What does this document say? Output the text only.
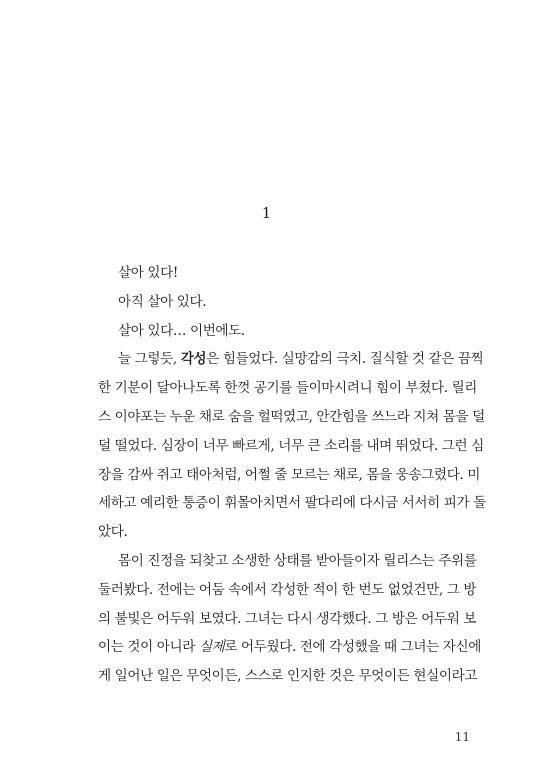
1
살아 있다!
아직 살아 있다.
살아 있다… 이번에도.
늘 그렇듯, 각성은 힘들었다. 실망감의 극치. 질식할 것 같은 끔찍
한 기분이 달아나도록 한껏 공기를 들이마시려니 힘이 부쳤다. 릴리
스 이야포는 누운 채로 숨을 헐떡였고, 안간힘을 쓰느라 지쳐 몸을 덜
덜 떨었다. 심장이 너무 빠르게, 너무 큰 소리를 내며 뛰었다. 그런 심
장을 감싸 쥐고 태아처럼, 어쩔 줄 모르는 채로, 몸을 웅송그렸다. 미
세하고 예리한 통증이 휘몰아치면서 팔다리에 다시금 서서히 피가 돌
았다.
몸이 진정을 되찾고 소생한 상태를 받아들이자 릴리스는 주위를
둘러봤다. 전에는 어둠 속에서 각성한 적이 한 번도 없었건만, 그 방
의 불빛은 어두워 보였다. 그녀는 다시 생각했다. 그 방은 어두워 보
이는 것이 아니라 실제로 어두웠다. 전에 각성했을 때 그녀는 자신에
게 일어난 일은 무엇이든, 스스로 인지한 것은 무엇이든 현실이라고
11
